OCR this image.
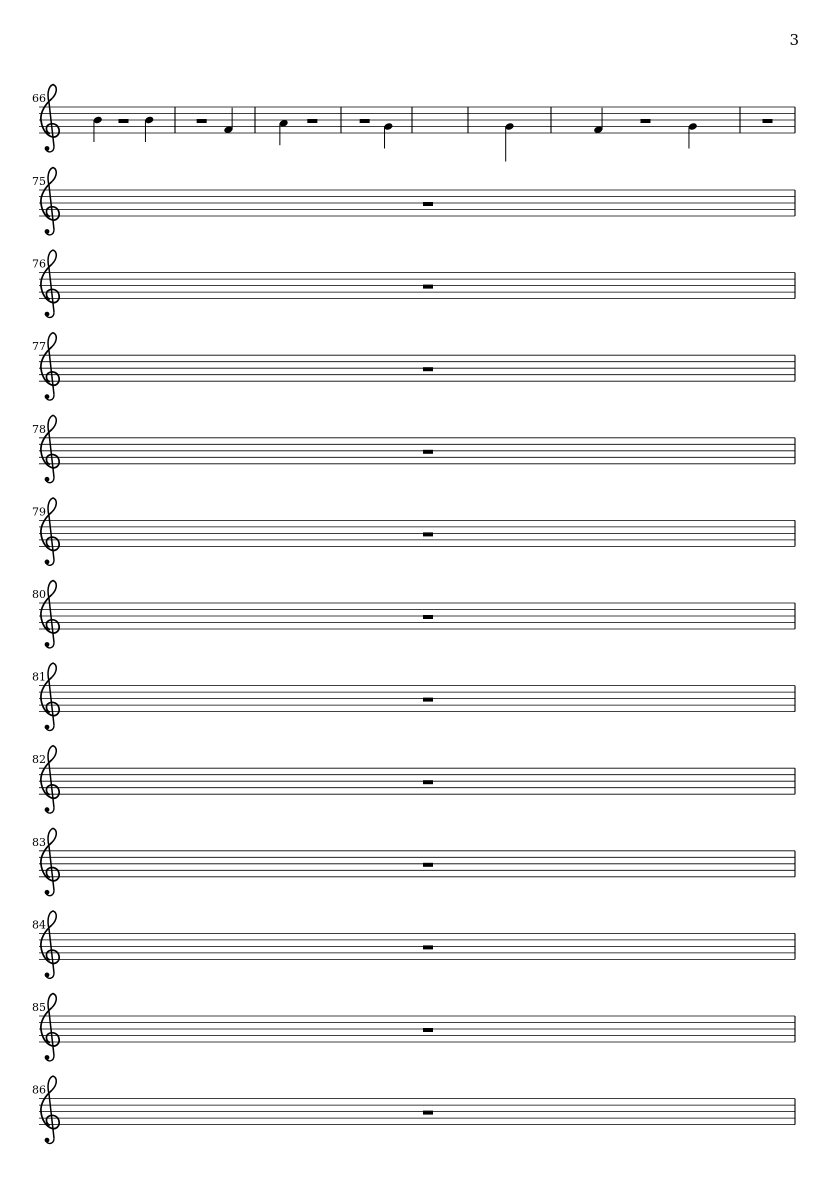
3
66
75
76
77
78
79
80
81
82
83
84
85
86
